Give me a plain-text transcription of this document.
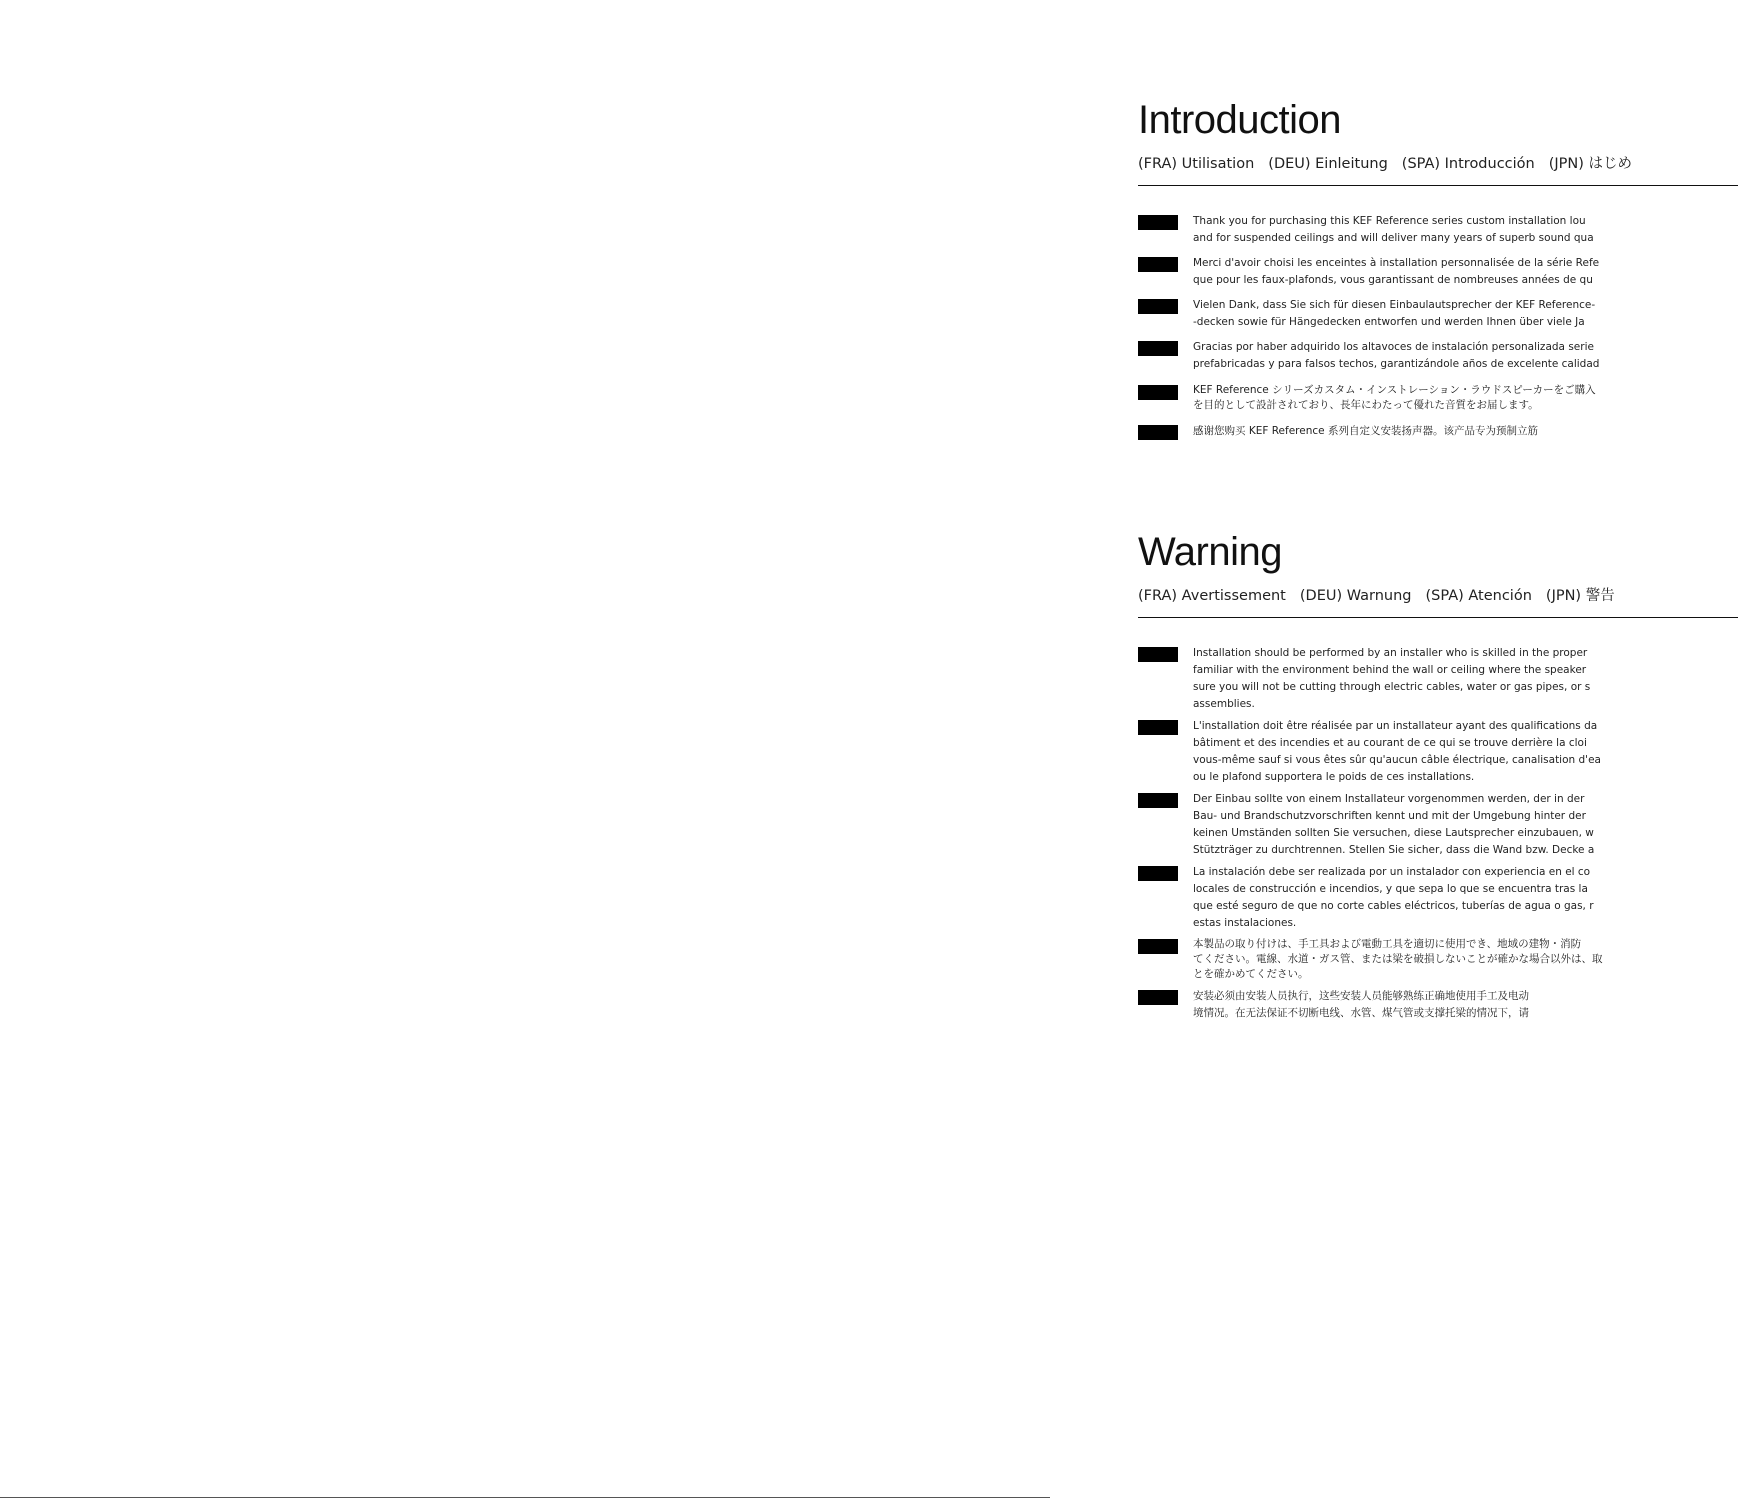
Introduction
(FRA) Utilisation (DEU) Einleitung (SPA) Introducción (JPN) はじめ
Thank you for purchasing this KEF Reference series custom installation lou
and for suspended ceilings and will deliver many years of superb sound qua
Merci d'avoir choisi les enceintes à installation personnalisée de la série Refe
que pour les faux-plafonds, vous garantissant de nombreuses années de qu
Vielen Dank, dass Sie sich für diesen Einbaulautsprecher der KEF Reference-
-decken sowie für Hängedecken entworfen und werden Ihnen über viele Ja
Gracias por haber adquirido los altavoces de instalación personalizada serie
prefabricadas y para falsos techos, garantizándole años de excelente calidad
KEF Reference シリーズカスタム・インストレーション・ラウドスピーカーをご購入
を目的として設計されており、長年にわたって優れた音質をお届します。
感谢您购买 KEF Reference 系列自定义安装扬声器。该产品专为预制立筋
Warning
(FRA) Avertissement (DEU) Warnung (SPA) Atención (JPN) 警告
Installation should be performed by an installer who is skilled in the proper
familiar with the environment behind the wall or ceiling where the speaker
sure you will not be cutting through electric cables, water or gas pipes, or s
assemblies.
L'installation doit être réalisée par un installateur ayant des qualifications da
bâtiment et des incendies et au courant de ce qui se trouve derrière la cloi
vous-même sauf si vous êtes sûr qu'aucun câble électrique, canalisation d'ea
ou le plafond supportera le poids de ces installations.
Der Einbau sollte von einem Installateur vorgenommen werden, der in der
Bau- und Brandschutzvorschriften kennt und mit der Umgebung hinter der
keinen Umständen sollten Sie versuchen, diese Lautsprecher einzubauen, w
Stützträger zu durchtrennen. Stellen Sie sicher, dass die Wand bzw. Decke a
La instalación debe ser realizada por un instalador con experiencia en el co
locales de construcción e incendios, y que sepa lo que se encuentra tras la
que esté seguro de que no corte cables eléctricos, tuberías de agua o gas, r
estas instalaciones.
本製品の取り付けは、手工具および電動工具を適切に使用でき、地域の建物・消防
てください。電線、水道・ガス管、または梁を破損しないことが確かな場合以外は、取
とを確かめてください。
安装必须由安装人员执行，这些安装人员能够熟练正确地使用手工及电动
境情况。在无法保证不切断电线、水管、煤气管或支撑托梁的情况下，请
